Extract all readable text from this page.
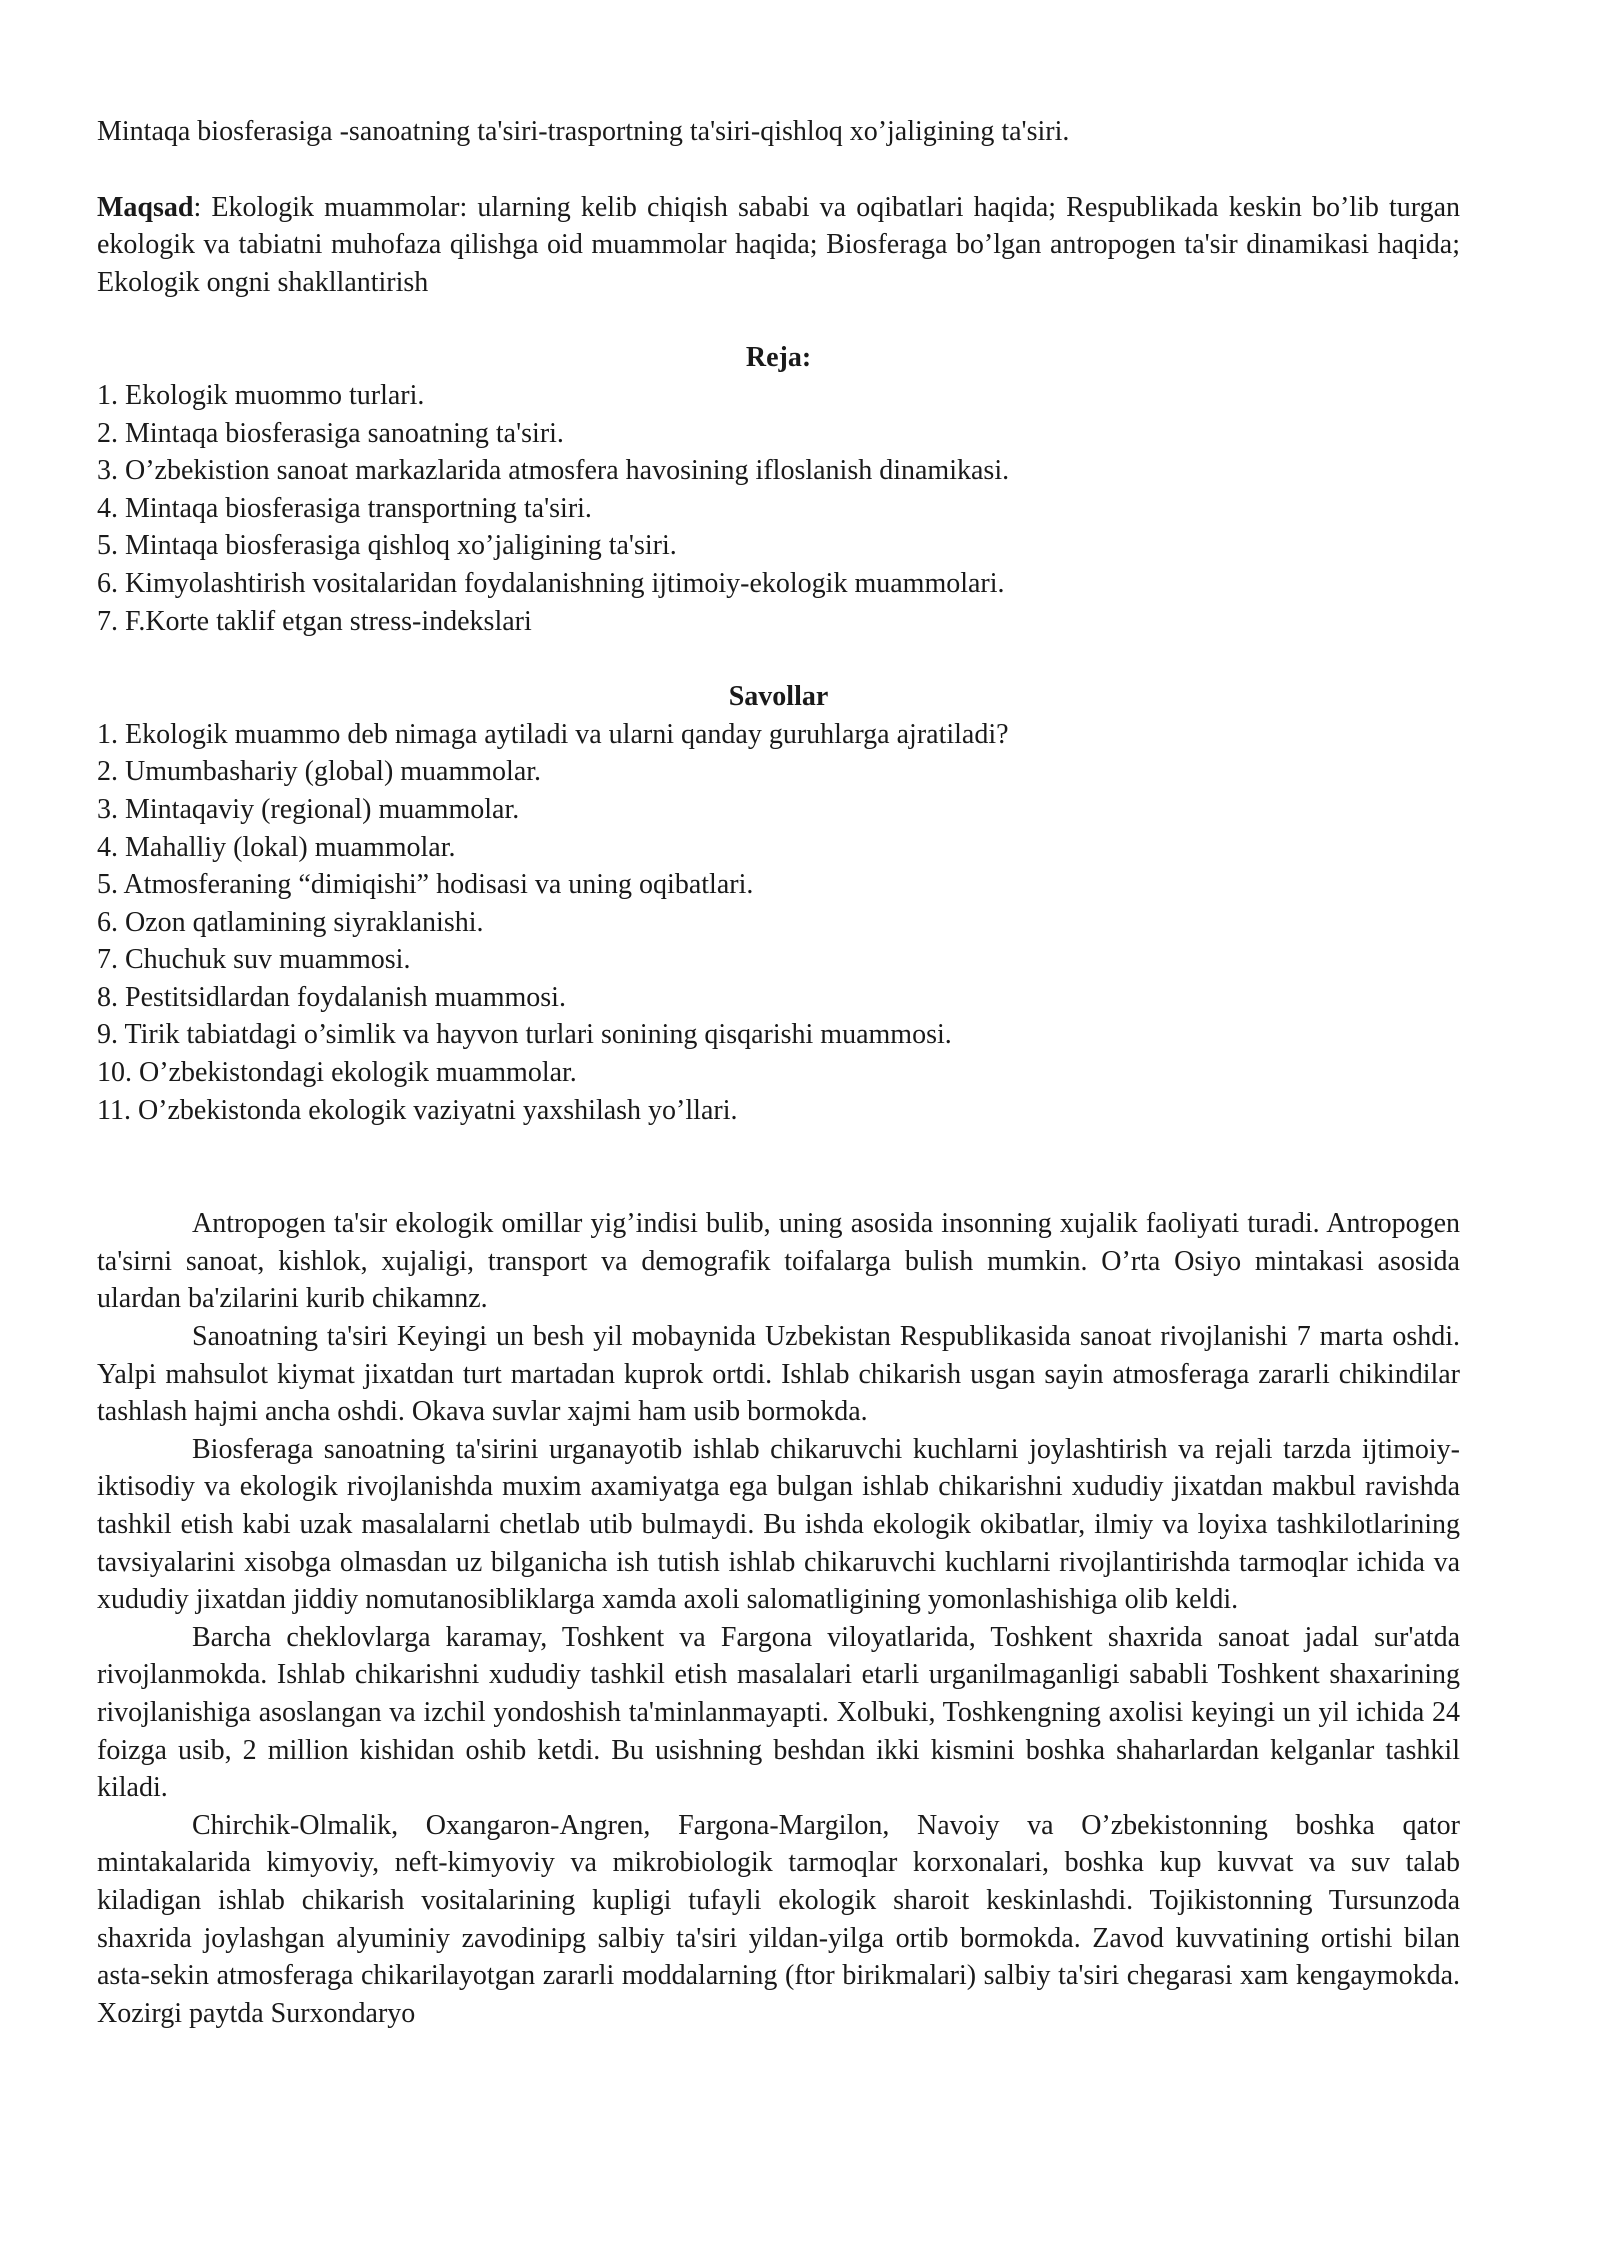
Mintaqa biosferasiga -sanoatning ta'siri-trasportning ta'siri-qishloq xo’jaligining ta'siri.

Maqsad: Ekologik muammolar: ularning kelib chiqish sababi va oqibatlari haqida; Respublikada keskin bo’lib turgan ekologik va tabiatni muhofaza qilishga oid muammolar haqida; Biosferaga bo’lgan antropogen ta'sir dinamikasi haqida; Ekologik ongni shakllantirish

Reja:

1. Ekologik muommo turlari.
2. Mintaqa biosferasiga sanoatning ta'siri.
3. O’zbekistion sanoat markazlarida atmosfera havosining ifloslanish dinamikasi.
4. Mintaqa biosferasiga transportning ta'siri.
5. Mintaqa biosferasiga qishloq xo’jaligining ta'siri.
6. Kimyolashtirish vositalaridan foydalanishning ijtimoiy-ekologik muammolari.
7. F.Korte taklif etgan stress-indekslari

Savollar

1. Ekologik muammo deb nimaga aytiladi va ularni qanday guruhlarga ajratiladi?
2. Umumbashariy (global) muammolar.
3. Mintaqaviy (regional) muammolar.
4. Mahalliy (lokal) muammolar.
5. Atmosferaning “dimiqishi” hodisasi va uning oqibatlari.
6. Ozon qatlamining siyraklanishi.
7. Chuchuk suv muammosi.
8. Pestitsidlardan foydalanish muammosi.
9. Tirik tabiatdagi o’simlik va hayvon turlari sonining qisqarishi muammosi.
10. O’zbekistondagi ekologik muammolar.
11. O’zbekistonda ekologik vaziyatni yaxshilash yo’llari.

Antropogen ta'sir ekologik omillar yig’indisi bulib, uning asosida insonning xujalik faoliyati turadi. Antropogen ta'sirni sanoat, kishlok, xujaligi, transport va demografik toifalarga bulish mumkin. O’rta Osiyo mintakasi asosida ulardan ba'zilarini kurib chikamnz.

Sanoatning ta'siri Keyingi un besh yil mobaynida Uzbekistan Respublikasida sanoat rivojlanishi 7 marta oshdi. Yalpi mahsulot kiymat jixatdan turt martadan kuprok ortdi. Ishlab chikarish usgan sayin atmosferaga zararli chikindilar tashlash hajmi ancha oshdi. Okava suvlar xajmi ham usib bormokda.

Biosferaga sanoatning ta'sirini urganayotib ishlab chikaruvchi kuchlarni joylashtirish va rejali tarzda ijtimoiy-iktisodiy va ekologik rivojlanishda muxim axamiyatga ega bulgan ishlab chikarishni xududiy jixatdan makbul ravishda tashkil etish kabi uzak masalalarni chetlab utib bulmaydi. Bu ishda ekologik okibatlar, ilmiy va loyixa tashkilotlarining tavsiyalarini xisobga olmasdan uz bilganicha ish tutish ishlab chikaruvchi kuchlarni rivojlantirishda tarmoqlar ichida va xududiy jixatdan jiddiy nomutanosibliklarga xamda axoli salomatligining yomonlashishiga olib keldi.

Barcha cheklovlarga karamay, Toshkent va Fargona viloyatlarida, Toshkent shaxrida sanoat jadal sur'atda rivojlanmokda. Ishlab chikarishni xududiy tashkil etish masalalari etarli urganilmaganligi sababli Toshkent shaxarining rivojlanishiga asoslangan va izchil yondoshish ta'minlanmayapti. Xolbuki, Toshkengning axolisi keyingi un yil ichida 24 foizga usib, 2 million kishidan oshib ketdi. Bu usishning beshdan ikki kismini boshka shaharlardan kelganlar tashkil kiladi.

Chirchik-Olmalik, Oxangaron-Angren, Fargona-Margilon, Navoiy va O’zbekistonning boshka qator mintakalarida kimyoviy, neft-kimyoviy va mikrobiologik tarmoqlar korxonalari, boshka kup kuvvat va suv talab kiladigan ishlab chikarish vositalarining kupligi tufayli ekologik sharoit keskinlashdi. Tojikistonning Tursunzoda shaxrida joylashgan alyuminiy zavodinipg salbiy ta'siri yildan-yilga ortib bormokda. Zavod kuvvatining ortishi bilan asta-sekin atmosferaga chikarilayotgan zararli moddalarning (ftor birikmalari) salbiy ta'siri chegarasi xam kengaymokda. Xozirgi paytda Surxondaryo
